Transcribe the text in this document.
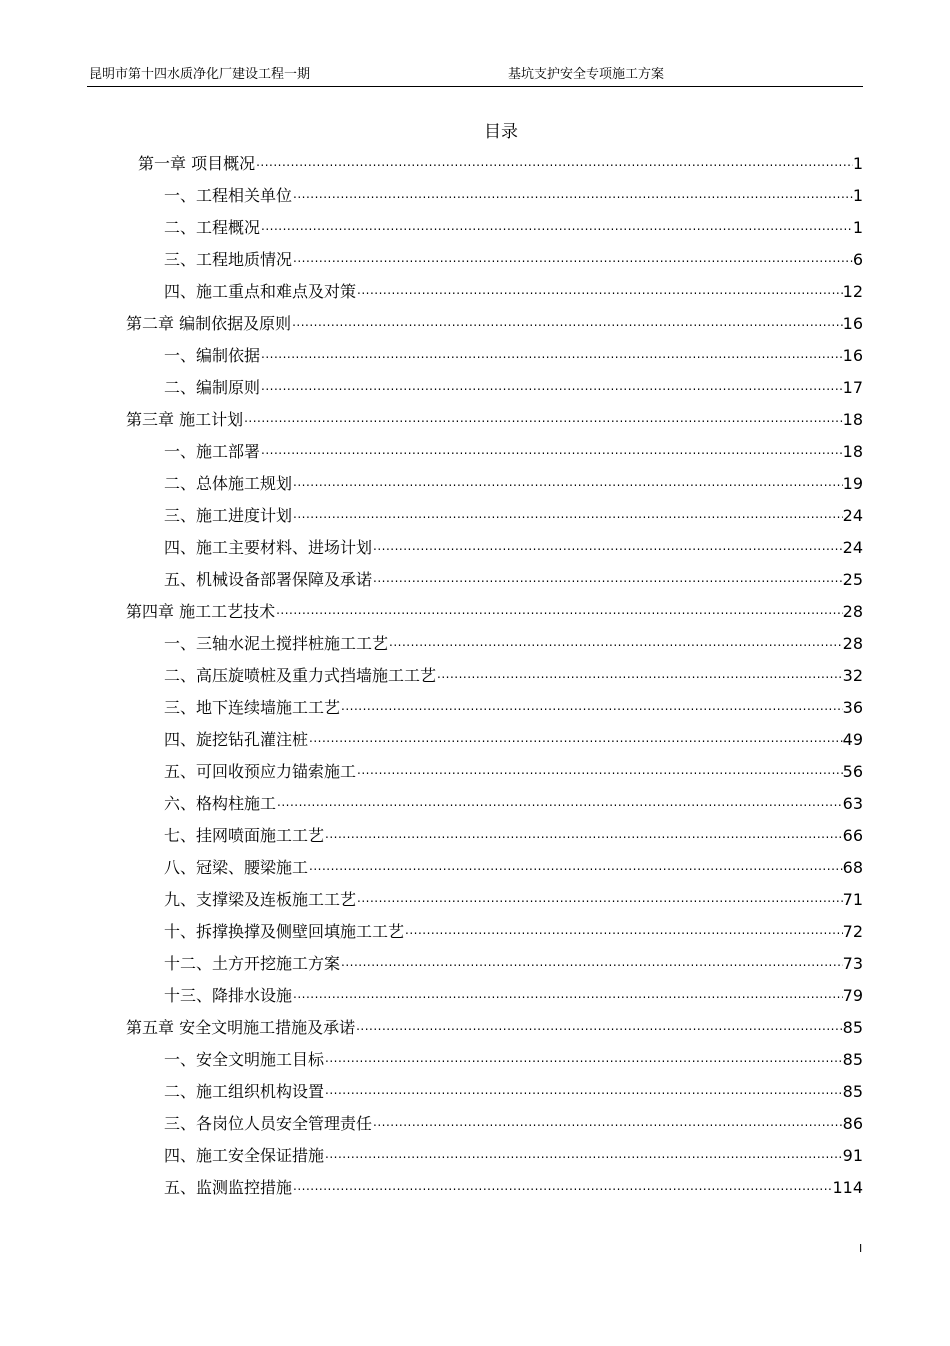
昆明市第十四水质净化厂建设工程一期	基坑支护安全专项施工方案
目录
第一章 项目概况 .....	1
一、工程相关单位 .....	1
二、工程概况 .....	1
三、工程地质情况 .....	6
四、施工重点和难点及对策 .....	12
第二章 编制依据及原则 .....	16
一、编制依据 .....	16
二、编制原则 .....	17
第三章 施工计划 .....	18
一、施工部署 .....	18
二、总体施工规划 .....	19
三、施工进度计划 .....	24
四、施工主要材料、进场计划 .....	24
五、机械设备部署保障及承诺 .....	25
第四章 施工工艺技术 .....	28
一、三轴水泥土搅拌桩施工工艺 .....	28
二、高压旋喷桩及重力式挡墙施工工艺 .....	32
三、地下连续墙施工工艺 .....	36
四、旋挖钻孔灌注桩 .....	49
五、可回收预应力锚索施工 .....	56
六、格构柱施工 .....	63
七、挂网喷面施工工艺 .....	66
八、冠梁、腰梁施工 .....	68
九、支撑梁及连板施工工艺 .....	71
十、拆撑换撑及侧壁回填施工工艺 .....	72
十二、土方开挖施工方案 .....	73
十三、降排水设施 .....	79
第五章 安全文明施工措施及承诺 .....	85
一、安全文明施工目标 .....	85
二、施工组织机构设置 .....	85
三、各岗位人员安全管理责任 .....	86
四、施工安全保证措施 .....	91
五、监测监控措施 .....	114
I
